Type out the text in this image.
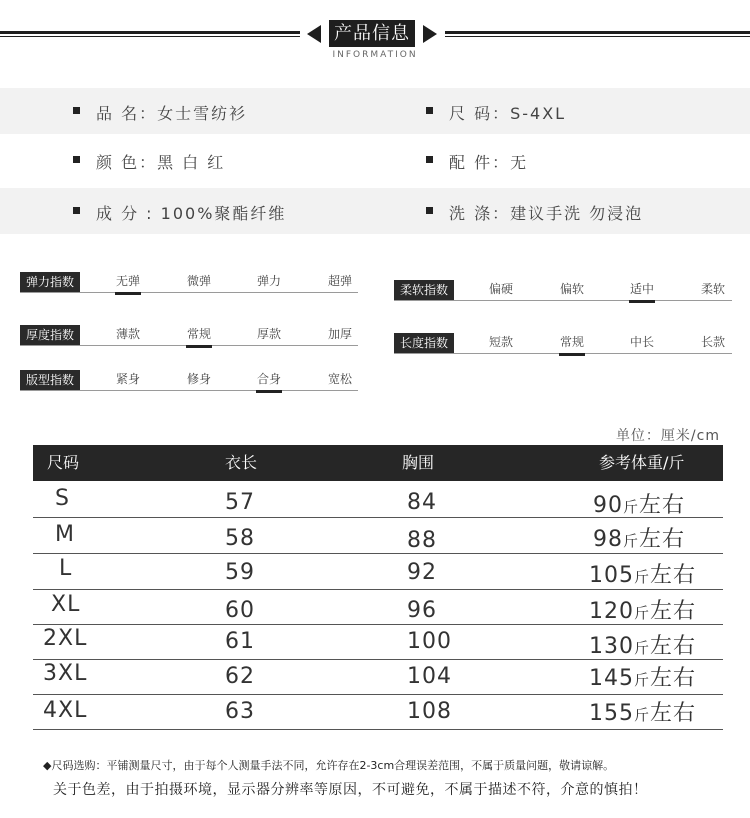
产品信息
INFORMATION
品 名：女士雪纺衫	尺 码：S-4XL
颜 色：黑 白 红	配 件：无
成 分 : 100%聚酯纤维	洗 涤：建议手洗 勿浸泡
弹力指数	无弹	微弹	弹力	超弹
厚度指数	薄款	常规	厚款	加厚
版型指数	紧身	修身	合身	宽松
柔软指数	偏硬	偏软	适中	柔软
长度指数	短款	常规	中长	长款
单位：厘米/cm
尺码	衣长	胸围	参考体重/斤
S	57	84	90斤左右
M	58	88	98斤左右
L	59	92	105斤左右
XL	60	96	120斤左右
2XL	61	100	130斤左右
3XL	62	104	145斤左右
4XL	63	108	155斤左右
◆尺码选购：平铺测量尺寸，由于每个人测量手法不同，允许存在2-3cm合理误差范围，不属于质量问题，敬请谅解。
关于色差，由于拍摄环境，显示器分辨率等原因，不可避免，不属于描述不符，介意的慎拍！
